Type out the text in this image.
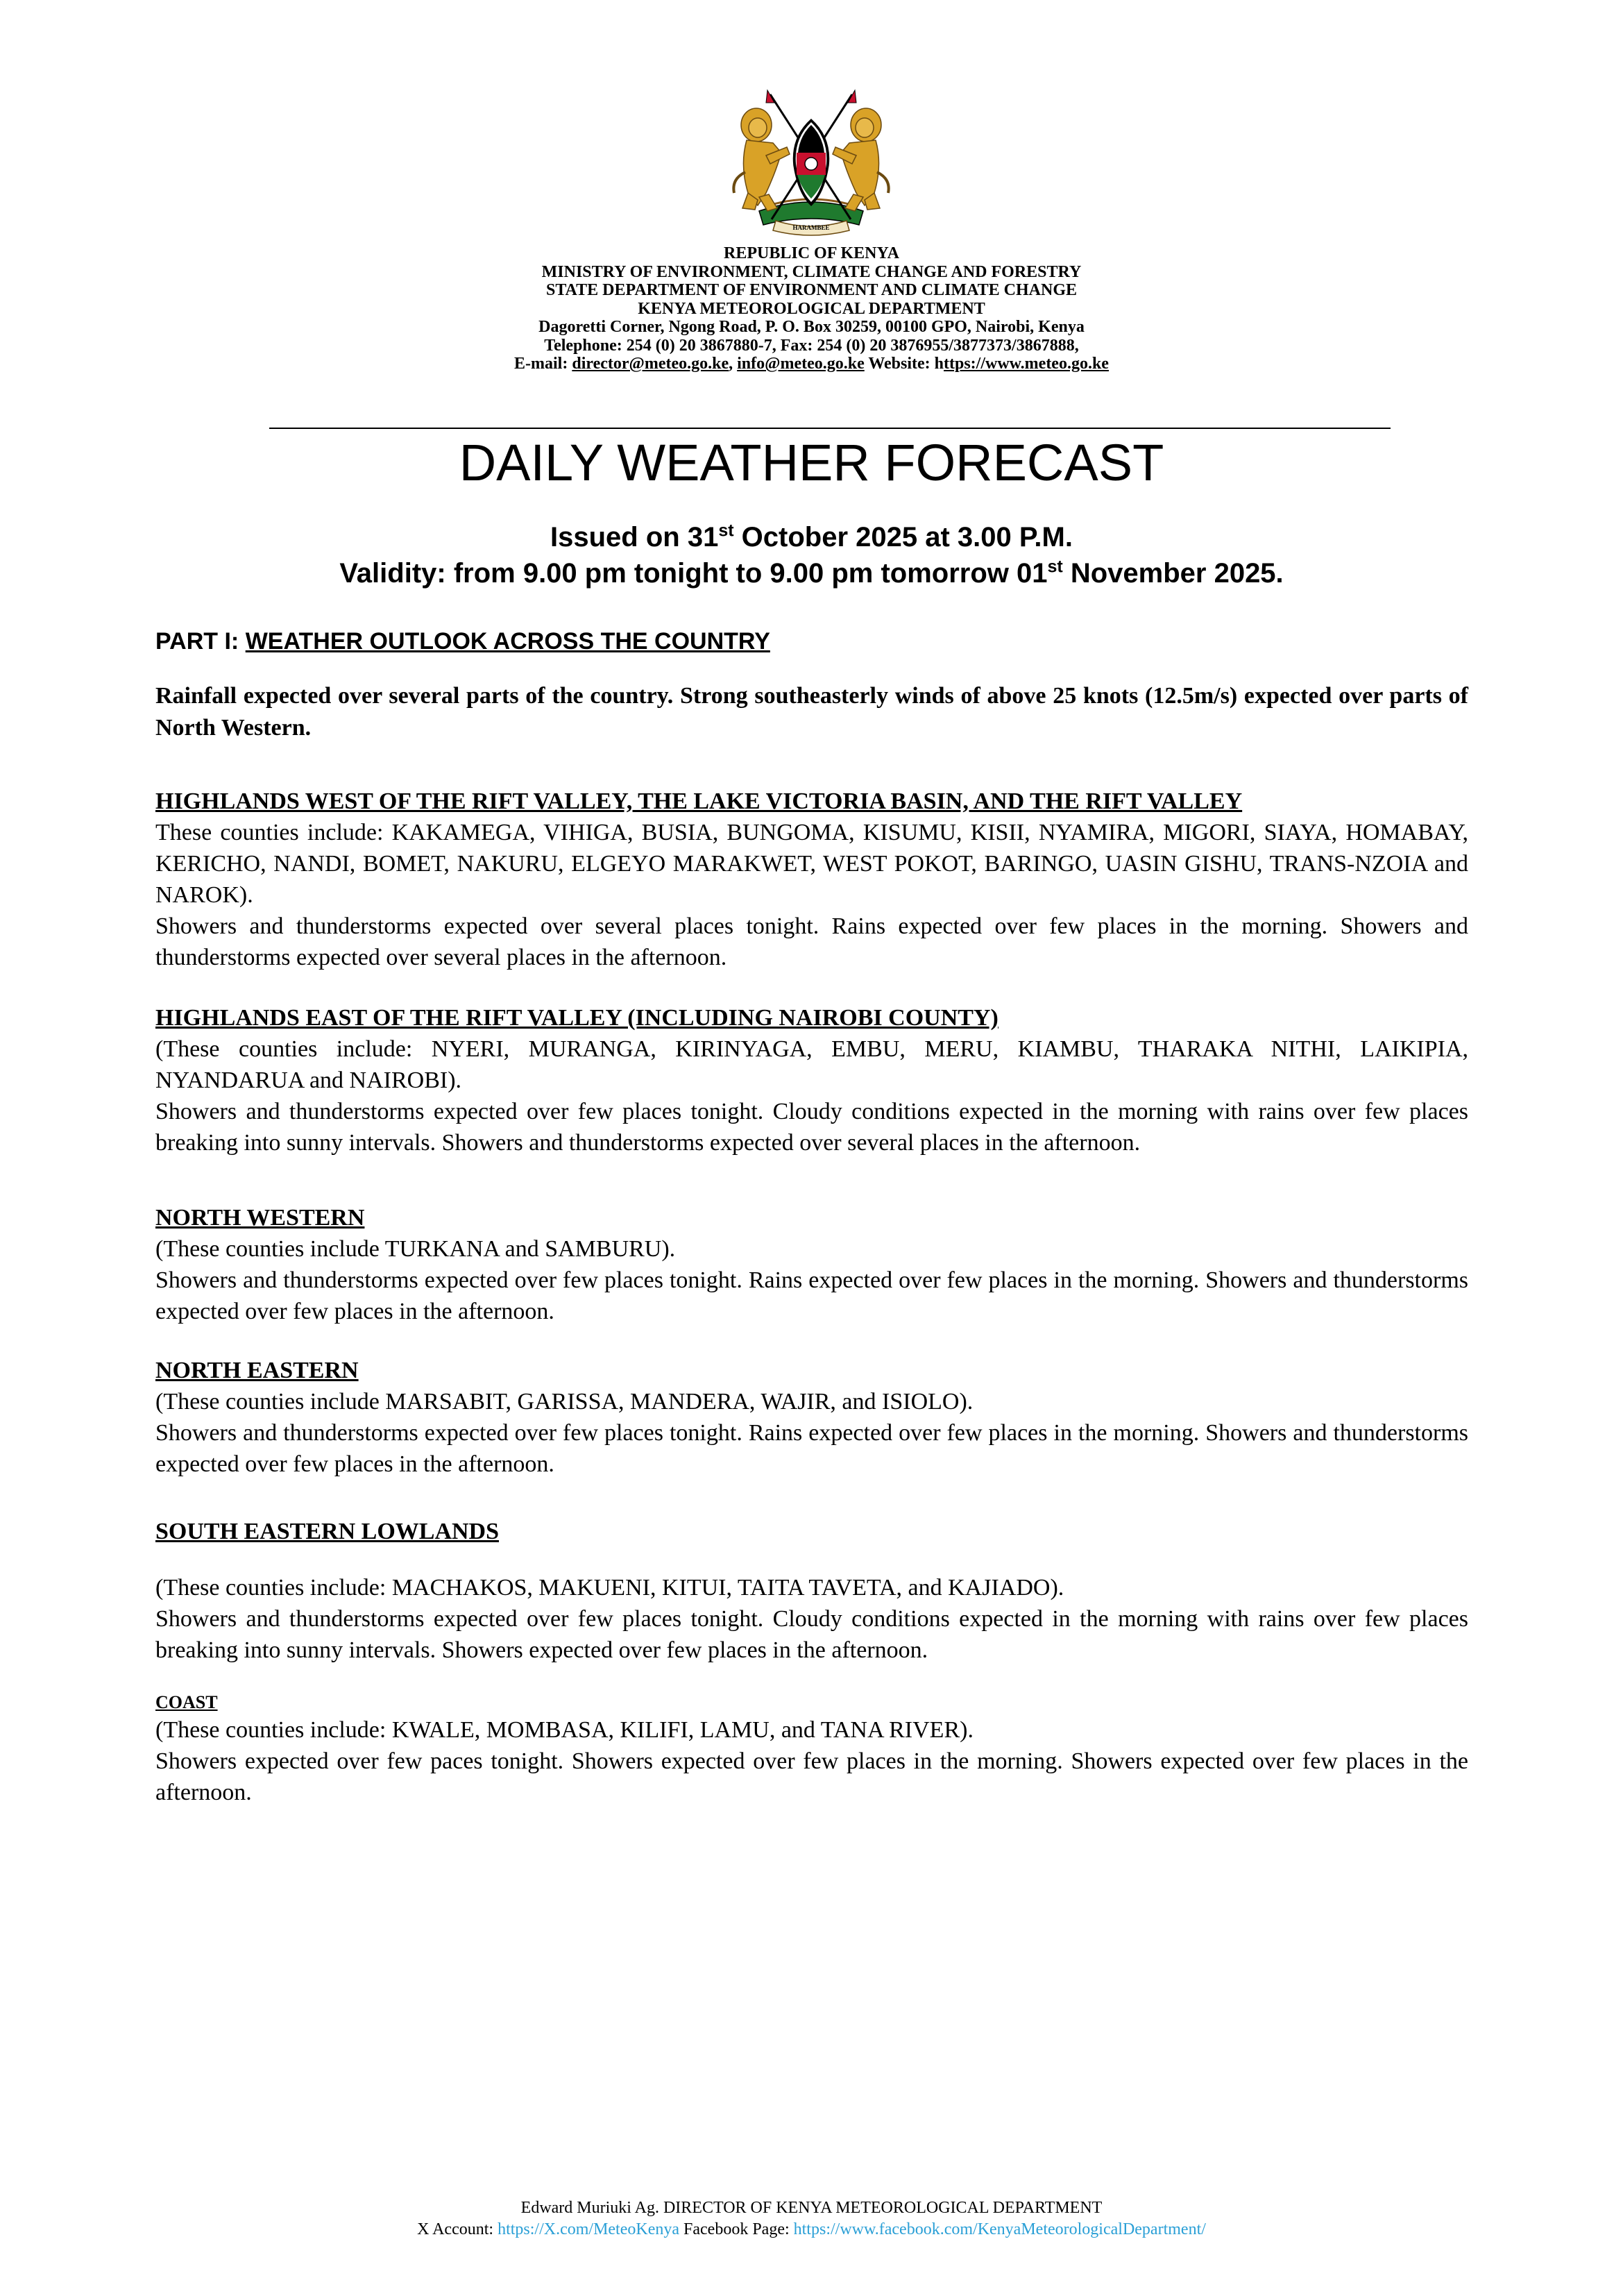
HARAMBEE
REPUBLIC OF KENYA
MINISTRY OF ENVIRONMENT, CLIMATE CHANGE AND FORESTRY
STATE DEPARTMENT OF ENVIRONMENT AND CLIMATE CHANGE
KENYA METEOROLOGICAL DEPARTMENT
Dagoretti Corner, Ngong Road, P. O. Box 30259, 00100 GPO, Nairobi, Kenya
Telephone: 254 (0) 20 3867880-7, Fax: 254 (0) 20 3876955/3877373/3867888,
E-mail: director@meteo.go.ke, info@meteo.go.ke Website: https://www.meteo.go.ke
DAILY WEATHER FORECAST
Issued on 31st October 2025 at 3.00 P.M.
Validity: from 9.00 pm tonight to 9.00 pm tomorrow 01st November 2025.
PART I: WEATHER OUTLOOK ACROSS THE COUNTRY
Rainfall expected over several parts of the country. Strong southeasterly winds of above 25 knots (12.5m/s) expected over parts of North Western.
HIGHLANDS WEST OF THE RIFT VALLEY, THE LAKE VICTORIA BASIN, AND THE RIFT VALLEY
These counties include: KAKAMEGA, VIHIGA, BUSIA, BUNGOMA, KISUMU, KISII, NYAMIRA, MIGORI, SIAYA, HOMABAY, KERICHO, NANDI, BOMET, NAKURU, ELGEYO MARAKWET, WEST POKOT, BARINGO, UASIN GISHU, TRANS-NZOIA and NAROK).
Showers and thunderstorms expected over several places tonight. Rains expected over few places in the morning. Showers and thunderstorms expected over several places in the afternoon.
HIGHLANDS EAST OF THE RIFT VALLEY (INCLUDING NAIROBI COUNTY)
(These counties include: NYERI, MURANGA, KIRINYAGA, EMBU, MERU, KIAMBU, THARAKA NITHI, LAIKIPIA, NYANDARUA and NAIROBI).
Showers and thunderstorms expected over few places tonight. Cloudy conditions expected in the morning with rains over few places breaking into sunny intervals. Showers and thunderstorms expected over several places in the afternoon.
NORTH WESTERN
(These counties include TURKANA and SAMBURU).
Showers and thunderstorms expected over few places tonight. Rains expected over few places in the morning. Showers and thunderstorms expected over few places in the afternoon.
NORTH EASTERN
(These counties include MARSABIT, GARISSA, MANDERA, WAJIR, and ISIOLO).
Showers and thunderstorms expected over few places tonight. Rains expected over few places in the morning. Showers and thunderstorms expected over few places in the afternoon.
SOUTH EASTERN LOWLANDS
(These counties include: MACHAKOS, MAKUENI, KITUI, TAITA TAVETA, and KAJIADO).
Showers and thunderstorms expected over few places tonight. Cloudy conditions expected in the morning with rains over few places breaking into sunny intervals. Showers expected over few places in the afternoon.
COAST
(These counties include: KWALE, MOMBASA, KILIFI, LAMU, and TANA RIVER).
Showers expected over few paces tonight. Showers expected over few places in the morning. Showers expected over few places in the afternoon.
Edward Muriuki Ag. DIRECTOR OF KENYA METEOROLOGICAL DEPARTMENT
X Account: https://X.com/MeteoKenya Facebook Page: https://www.facebook.com/KenyaMeteorologicalDepartment/
